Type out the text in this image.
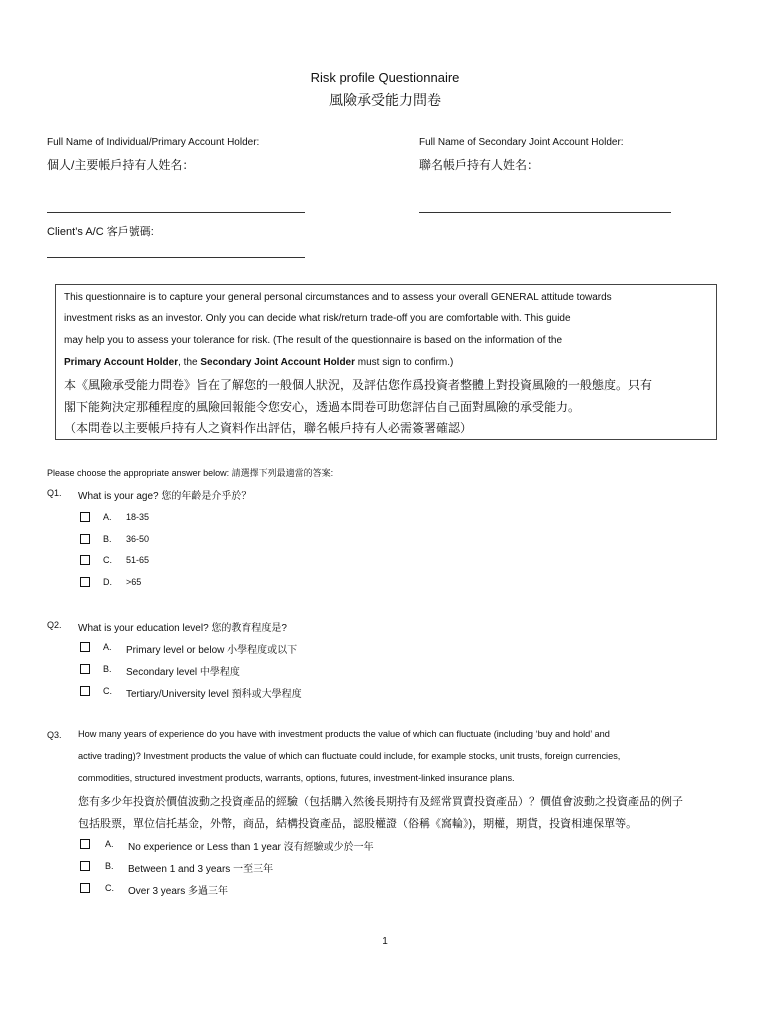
Risk profile Questionnaire
風險承受能力問卷
Full Name of Individual/Primary Account Holder:
個人/主要帳戶持有人姓名：
Full Name of Secondary Joint Account Holder:
聯名帳戶持有人姓名：
Client’s A/C 客戶號碼:
This questionnaire is to capture your general personal circumstances and to assess your overall GENERAL attitude towards
investment risks as an investor. Only you can decide what risk/return trade-off you are comfortable with. This guide
may help you to assess your tolerance for risk. (The result of the questionnaire is based on the information of the
Primary Account Holder, the Secondary Joint Account Holder must sign to confirm.)
本《風險承受能力問卷》旨在了解您的一般個人狀況，及評估您作爲投資者整體上對投資風險的一般態度。只有
閣下能夠決定那種程度的風險回報能令您安心，透過本問卷可助您評估自己面對風險的承受能力。
（本問卷以主要帳戶持有人之資料作出評估，聯名帳戶持有人必需簽署確認）
Please choose the appropriate answer below: 請選擇下列最適當的答案:
Q1. What is your age? 您的年齡是介乎於？
A. 18-35
B. 36-50
C. 51-65
D. >65
Q2. What is your education level? 您的教育程度是?
A. Primary level or below 小學程度或以下
B. Secondary level 中學程度
C. Tertiary/University level 預科或大學程度
Q3. How many years of experience do you have with investment products the value of which can fluctuate (including ‘buy and hold’ and
active trading)? Investment products the value of which can fluctuate could include, for example stocks, unit trusts, foreign currencies,
commodities, structured investment products, warrants, options, futures, investment-linked insurance plans.
您有多少年投資於價值波動之投資產品的經驗（包括購入然後長期持有及經常買賣投資產品）？價值會波動之投資產品的例子
包括股票，單位信托基金，外幣，商品，結構投資產品，認股權證（俗稱《窩輪》)，期權，期貨，投資相連保單等。
A. No experience or Less than 1 year 沒有經驗或少於一年
B. Between 1 and 3 years 一至三年
C. Over 3 years 多過三年
1
